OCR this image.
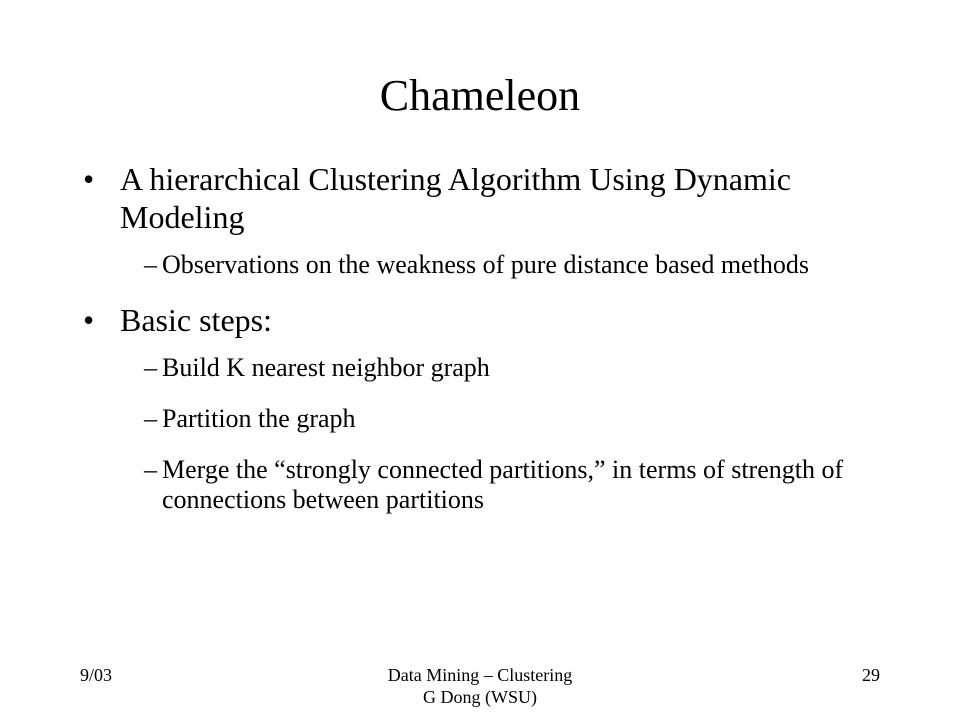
Chameleon
• A hierarchical Clustering Algorithm Using Dynamic Modeling
– Observations on the weakness of pure distance based methods
• Basic steps:
– Build K nearest neighbor graph
– Partition the graph
– Merge the “strongly connected partitions,” in terms of strength of connections between partitions
9/03	Data Mining – Clustering
G Dong (WSU)
29
